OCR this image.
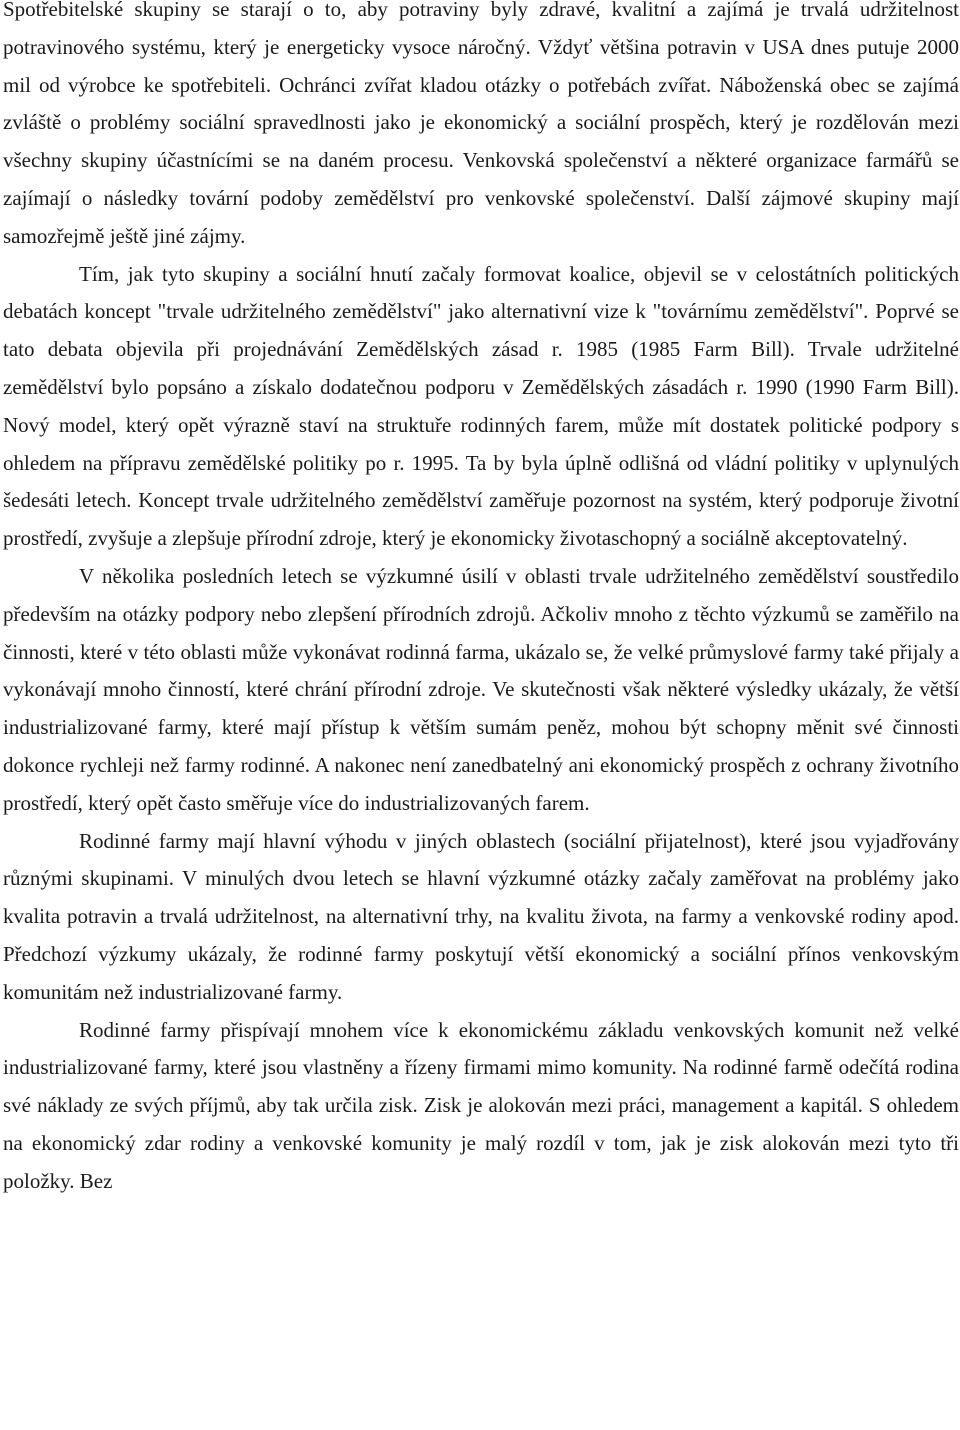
Spotřebitelské skupiny se starají o to, aby potraviny byly zdravé, kvalitní a zajímá je trvalá udržitelnost potravinového systému, který je energeticky vysoce náročný. Vždyť většina potravin v USA dnes putuje 2000 mil od výrobce ke spotřebiteli. Ochránci zvířat kladou otázky o potřebách zvířat. Náboženská obec se zajímá zvláště o problémy sociální spravedlnosti jako je ekonomický a sociální prospěch, který je rozdělován mezi všechny skupiny účastnícími se na daném procesu. Venkovská společenství a některé organizace farmářů se zajímají o následky tovární podoby zemědělství pro venkovské společenství. Další zájmové skupiny mají samozřejmě ještě jiné zájmy.

Tím, jak tyto skupiny a sociální hnutí začaly formovat koalice, objevil se v celostátních politických debatách koncept "trvale udržitelného zemědělství" jako alternativní vize k "továrnímu zemědělství". Poprvé se tato debata objevila při projednávání Zemědělských zásad r. 1985 (1985 Farm Bill). Trvale udržitelné zemědělství bylo popsáno a získalo dodatečnou podporu v Zemědělských zásadách r. 1990 (1990 Farm Bill). Nový model, který opět výrazně staví na struktuře rodinných farem, může mít dostatek politické podpory s ohledem na přípravu zemědělské politiky po r. 1995. Ta by byla úplně odlišná od vládní politiky v uplynulých šedesáti letech. Koncept trvale udržitelného zemědělství zaměřuje pozornost na systém, který podporuje životní prostředí, zvyšuje a zlepšuje přírodní zdroje, který je ekonomicky životaschopný a sociálně akceptovatelný.

V několika posledních letech se výzkumné úsilí v oblasti trvale udržitelného zemědělství soustředilo především na otázky podpory nebo zlepšení přírodních zdrojů. Ačkoliv mnoho z těchto výzkumů se zaměřilo na činnosti, které v této oblasti může vykonávat rodinná farma, ukázalo se, že velké průmyslové farmy také přijaly a vykonávají mnoho činností, které chrání přírodní zdroje. Ve skutečnosti však některé výsledky ukázaly, že větší industrializované farmy, které mají přístup k větším sumám peněz, mohou být schopny měnit své činnosti dokonce rychleji než farmy rodinné. A nakonec není zanedbatelný ani ekonomický prospěch z ochrany životního prostředí, který opět často směřuje více do industrializovaných farem.

Rodinné farmy mají hlavní výhodu v jiných oblastech (sociální přijatelnost), které jsou vyjadřovány různými skupinami. V minulých dvou letech se hlavní výzkumné otázky začaly zaměřovat na problémy jako kvalita potravin a trvalá udržitelnost, na alternativní trhy, na kvalitu života, na farmy a venkovské rodiny apod. Předchozí výzkumy ukázaly, že rodinné farmy poskytují větší ekonomický a sociální přínos venkovským komunitám než industrializované farmy.

Rodinné farmy přispívají mnohem více k ekonomickému základu venkovských komunit než velké industrializované farmy, které jsou vlastněny a řízeny firmami mimo komunity. Na rodinné farmě odečítá rodina své náklady ze svých příjmů, aby tak určila zisk. Zisk je alokován mezi práci, management a kapitál. S ohledem na ekonomický zdar rodiny a venkovské komunity je malý rozdíl v tom, jak je zisk alokován mezi tyto tři položky. Bez
